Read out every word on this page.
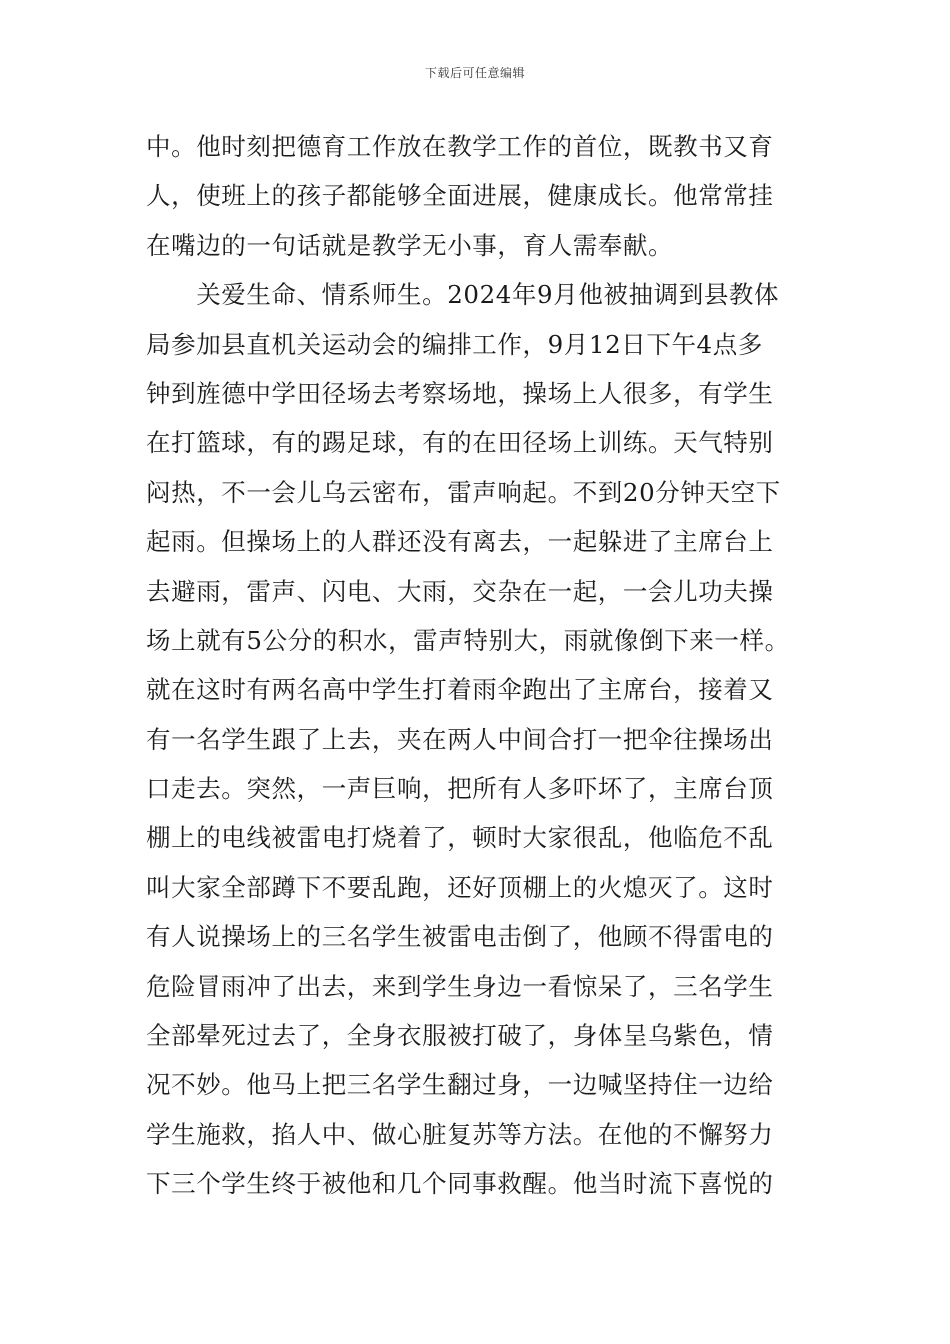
下载后可任意编辑
中。他时刻把德育工作放在教学工作的首位，既教书又育
人，使班上的孩子都能够全面进展，健康成长。他常常挂
在嘴边的一句话就是教学无小事，育人需奉献。
　　关爱生命、情系师生。2024年9月他被抽调到县教体
局参加县直机关运动会的编排工作，9月12日下午4点多
钟到旌德中学田径场去考察场地，操场上人很多，有学生
在打篮球，有的踢足球，有的在田径场上训练。天气特别
闷热，不一会儿乌云密布，雷声响起。不到20分钟天空下
起雨。但操场上的人群还没有离去，一起躲进了主席台上
去避雨，雷声、闪电、大雨，交杂在一起，一会儿功夫操
场上就有5公分的积水，雷声特别大，雨就像倒下来一样。
就在这时有两名高中学生打着雨伞跑出了主席台，接着又
有一名学生跟了上去，夹在两人中间合打一把伞往操场出
口走去。突然，一声巨响，把所有人多吓坏了，主席台顶
棚上的电线被雷电打烧着了，顿时大家很乱，他临危不乱
叫大家全部蹲下不要乱跑，还好顶棚上的火熄灭了。这时
有人说操场上的三名学生被雷电击倒了，他顾不得雷电的
危险冒雨冲了出去，来到学生身边一看惊呆了，三名学生
全部晕死过去了，全身衣服被打破了，身体呈乌紫色，情
况不妙。他马上把三名学生翻过身，一边喊坚持住一边给
学生施救，掐人中、做心脏复苏等方法。在他的不懈努力
下三个学生终于被他和几个同事救醒。他当时流下喜悦的
